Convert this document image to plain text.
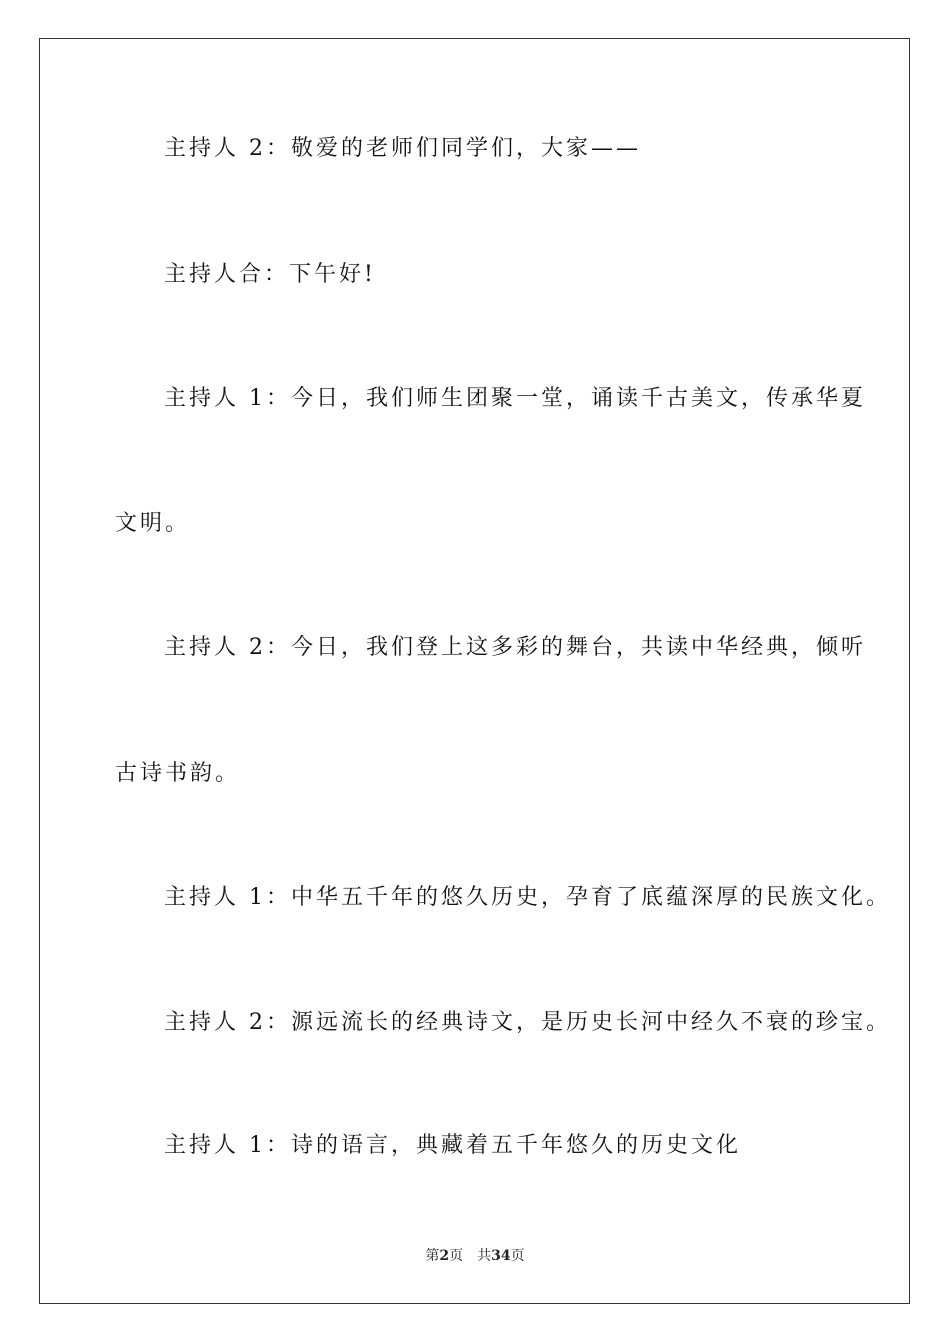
主持人 2：敬爱的老师们同学们，大家——
主持人合：下午好!
主持人 1：今日，我们师生团聚一堂，诵读千古美文，传承华夏
文明。
主持人 2：今日，我们登上这多彩的舞台，共读中华经典，倾听
古诗书韵。
主持人 1：中华五千年的悠久历史，孕育了底蕴深厚的民族文化。
主持人 2：源远流长的经典诗文，是历史长河中经久不衰的珍宝。
主持人 1：诗的语言，典藏着五千年悠久的历史文化
第2页 共34页
